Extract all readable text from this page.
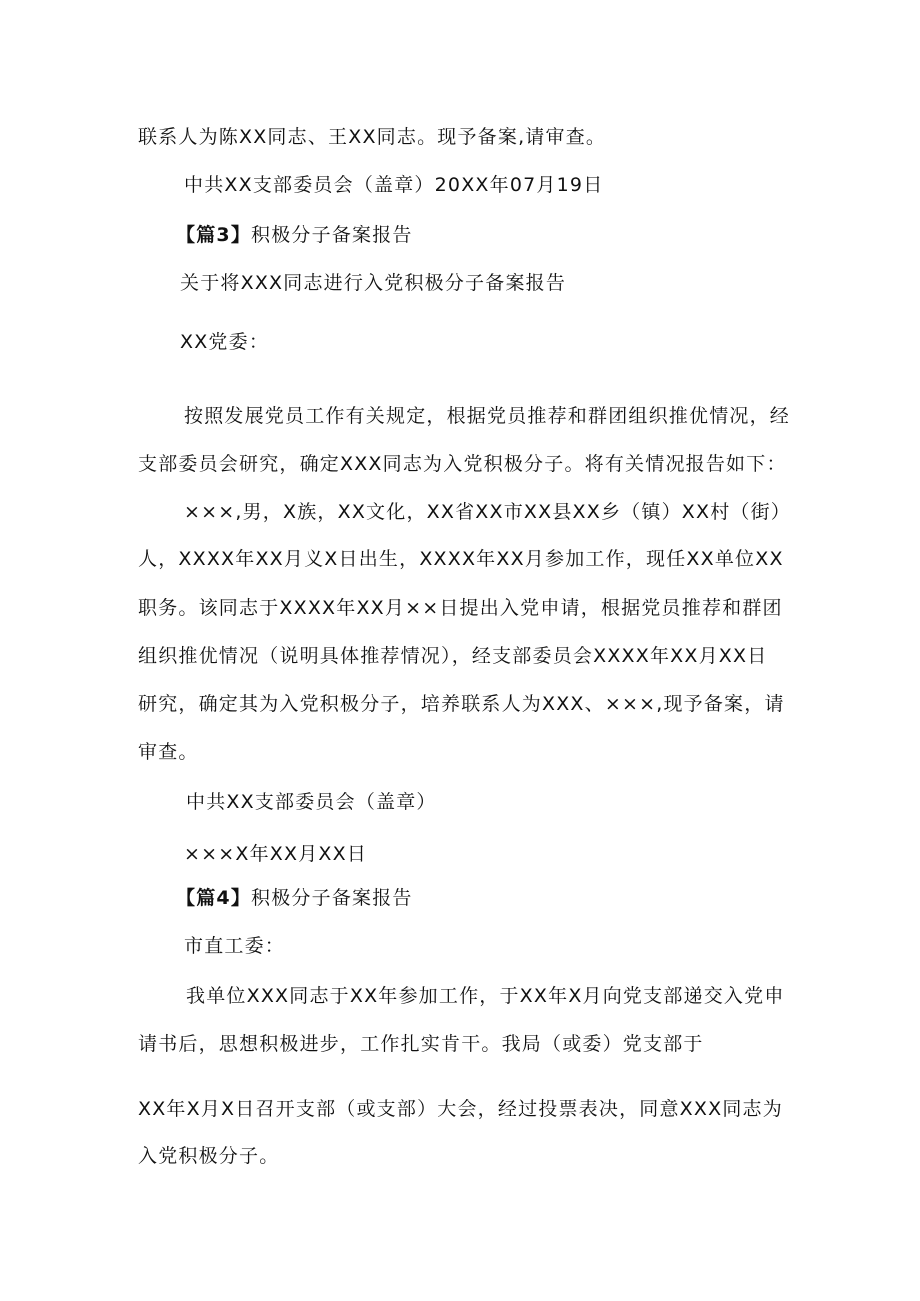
联系人为陈XX同志、王XX同志。现予备案,请审查。
中共XX支部委员会（盖章）20XX年07月19日
【篇3】积极分子备案报告
关于将XXX同志进行入党积极分子备案报告
XX党委：
按照发展党员工作有关规定，根据党员推荐和群团组织推优情况，经
支部委员会研究，确定XXX同志为入党积极分子。将有关情况报告如下：
×××,男，X族，XX文化，XX省XX市XX县XX乡（镇）XX村（街）
人，XXXX年XX月义X日出生，XXXX年XX月参加工作，现任XX单位XX
职务。该同志于XXXX年XX月××日提出入党申请，根据党员推荐和群团
组织推优情况（说明具体推荐情况），经支部委员会XXXX年XX月XX日
研究，确定其为入党积极分子，培养联系人为XXX、×××,现予备案，请
审查。
中共XX支部委员会（盖章）
×××X年XX月XX日
【篇4】积极分子备案报告
市直工委：
我单位XXX同志于XX年参加工作，于XX年X月向党支部递交入党申
请书后，思想积极进步，工作扎实肯干。我局（或委）党支部于
XX年X月X日召开支部（或支部）大会，经过投票表决，同意XXX同志为
入党积极分子。
